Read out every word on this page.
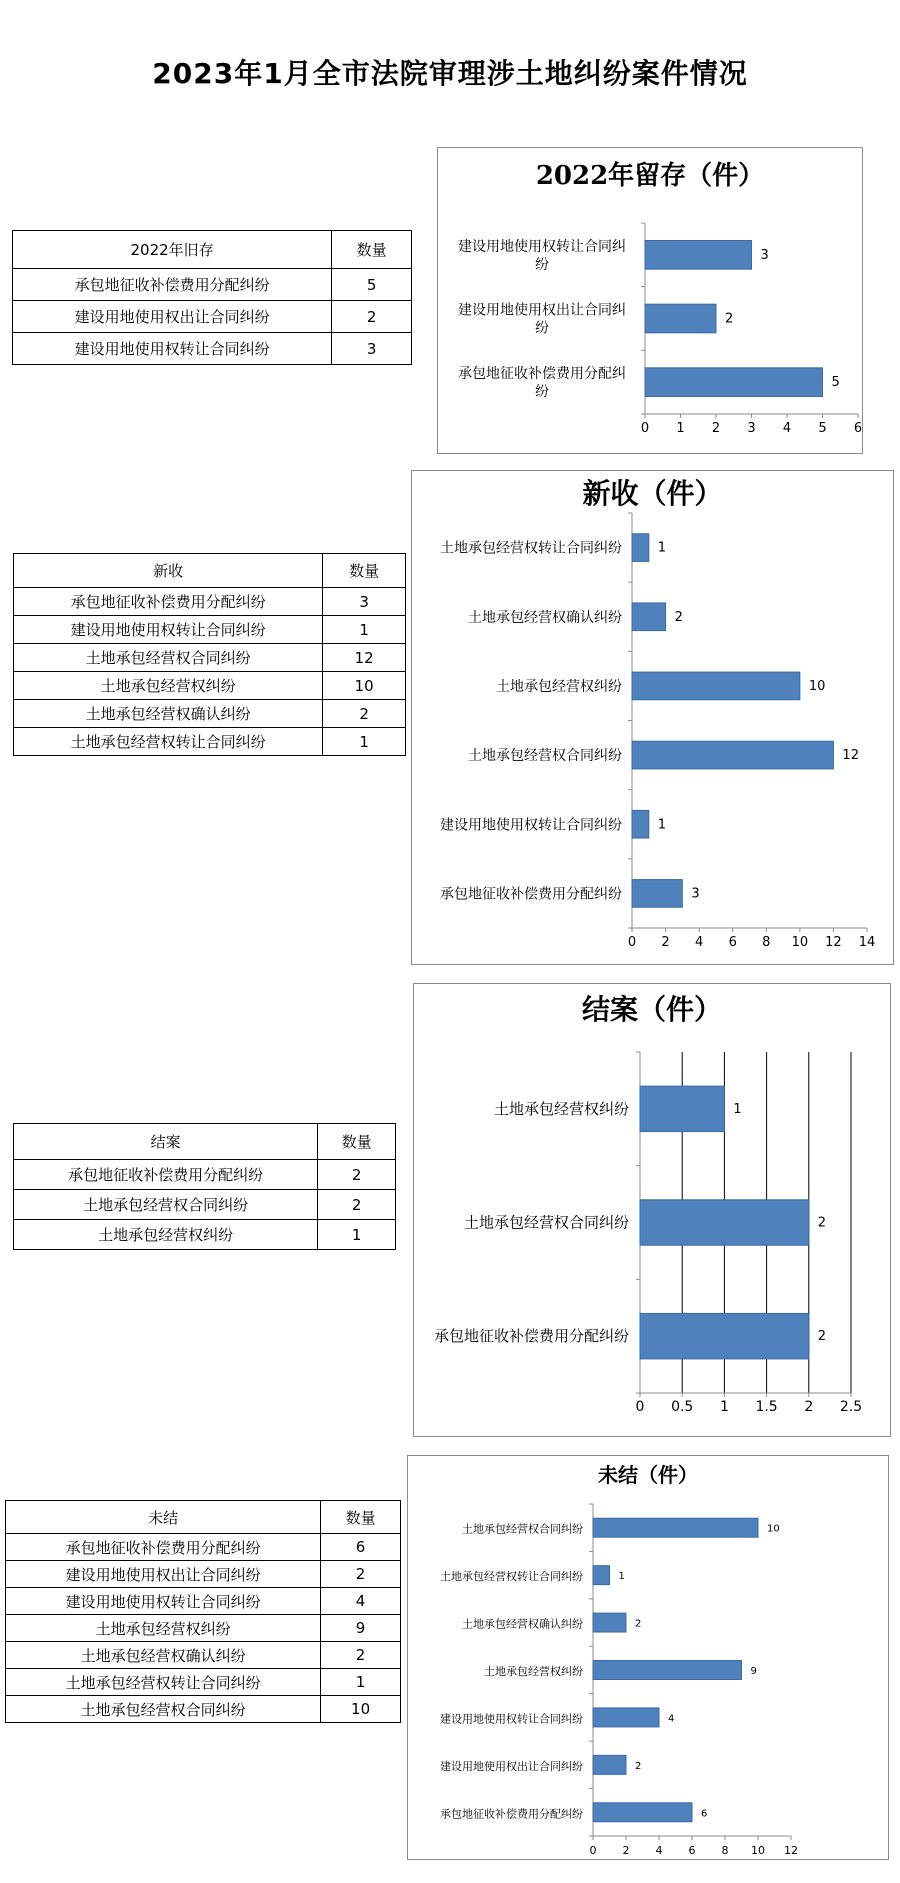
2023年1月全市法院审理涉土地纠纷案件情况
2022年旧存	数量
承包地征收补偿费用分配纠纷	5
建设用地使用权出让合同纠纷	2
建设用地使用权转让合同纠纷	3
新收	数量
承包地征收补偿费用分配纠纷	3
建设用地使用权转让合同纠纷	1
土地承包经营权合同纠纷	12
土地承包经营权纠纷	10
土地承包经营权确认纠纷	2
土地承包经营权转让合同纠纷	1
结案	数量
承包地征收补偿费用分配纠纷	2
土地承包经营权合同纠纷	2
土地承包经营权纠纷	1
未结	数量
承包地征收补偿费用分配纠纷	6
建设用地使用权出让合同纠纷	2
建设用地使用权转让合同纠纷	4
土地承包经营权纠纷	9
土地承包经营权确认纠纷	2
土地承包经营权转让合同纠纷	1
土地承包经营权合同纠纷	10
2022年留存（件）
0 1 2 3 4 5 6
3
建设用地使用权转让合同纠纷
2
建设用地使用权出让合同纠纷
5
承包地征收补偿费用分配纠纷
新收（件）
0 2 4 6 8 10 12 14
1
土地承包经营权转让合同纠纷
2
土地承包经营权确认纠纷
10
土地承包经营权纠纷
12
土地承包经营权合同纠纷
1
建设用地使用权转让合同纠纷
3
承包地征收补偿费用分配纠纷
结案（件）
0 0.5 1 1.5 2 2.5
1
土地承包经营权纠纷
2
土地承包经营权合同纠纷
2
承包地征收补偿费用分配纠纷
未结（件）
0 2 4 6 8 10 12
10
土地承包经营权合同纠纷
1
土地承包经营权转让合同纠纷
2
土地承包经营权确认纠纷
9
土地承包经营权纠纷
4
建设用地使用权转让合同纠纷
2
建设用地使用权出让合同纠纷
6
承包地征收补偿费用分配纠纷
